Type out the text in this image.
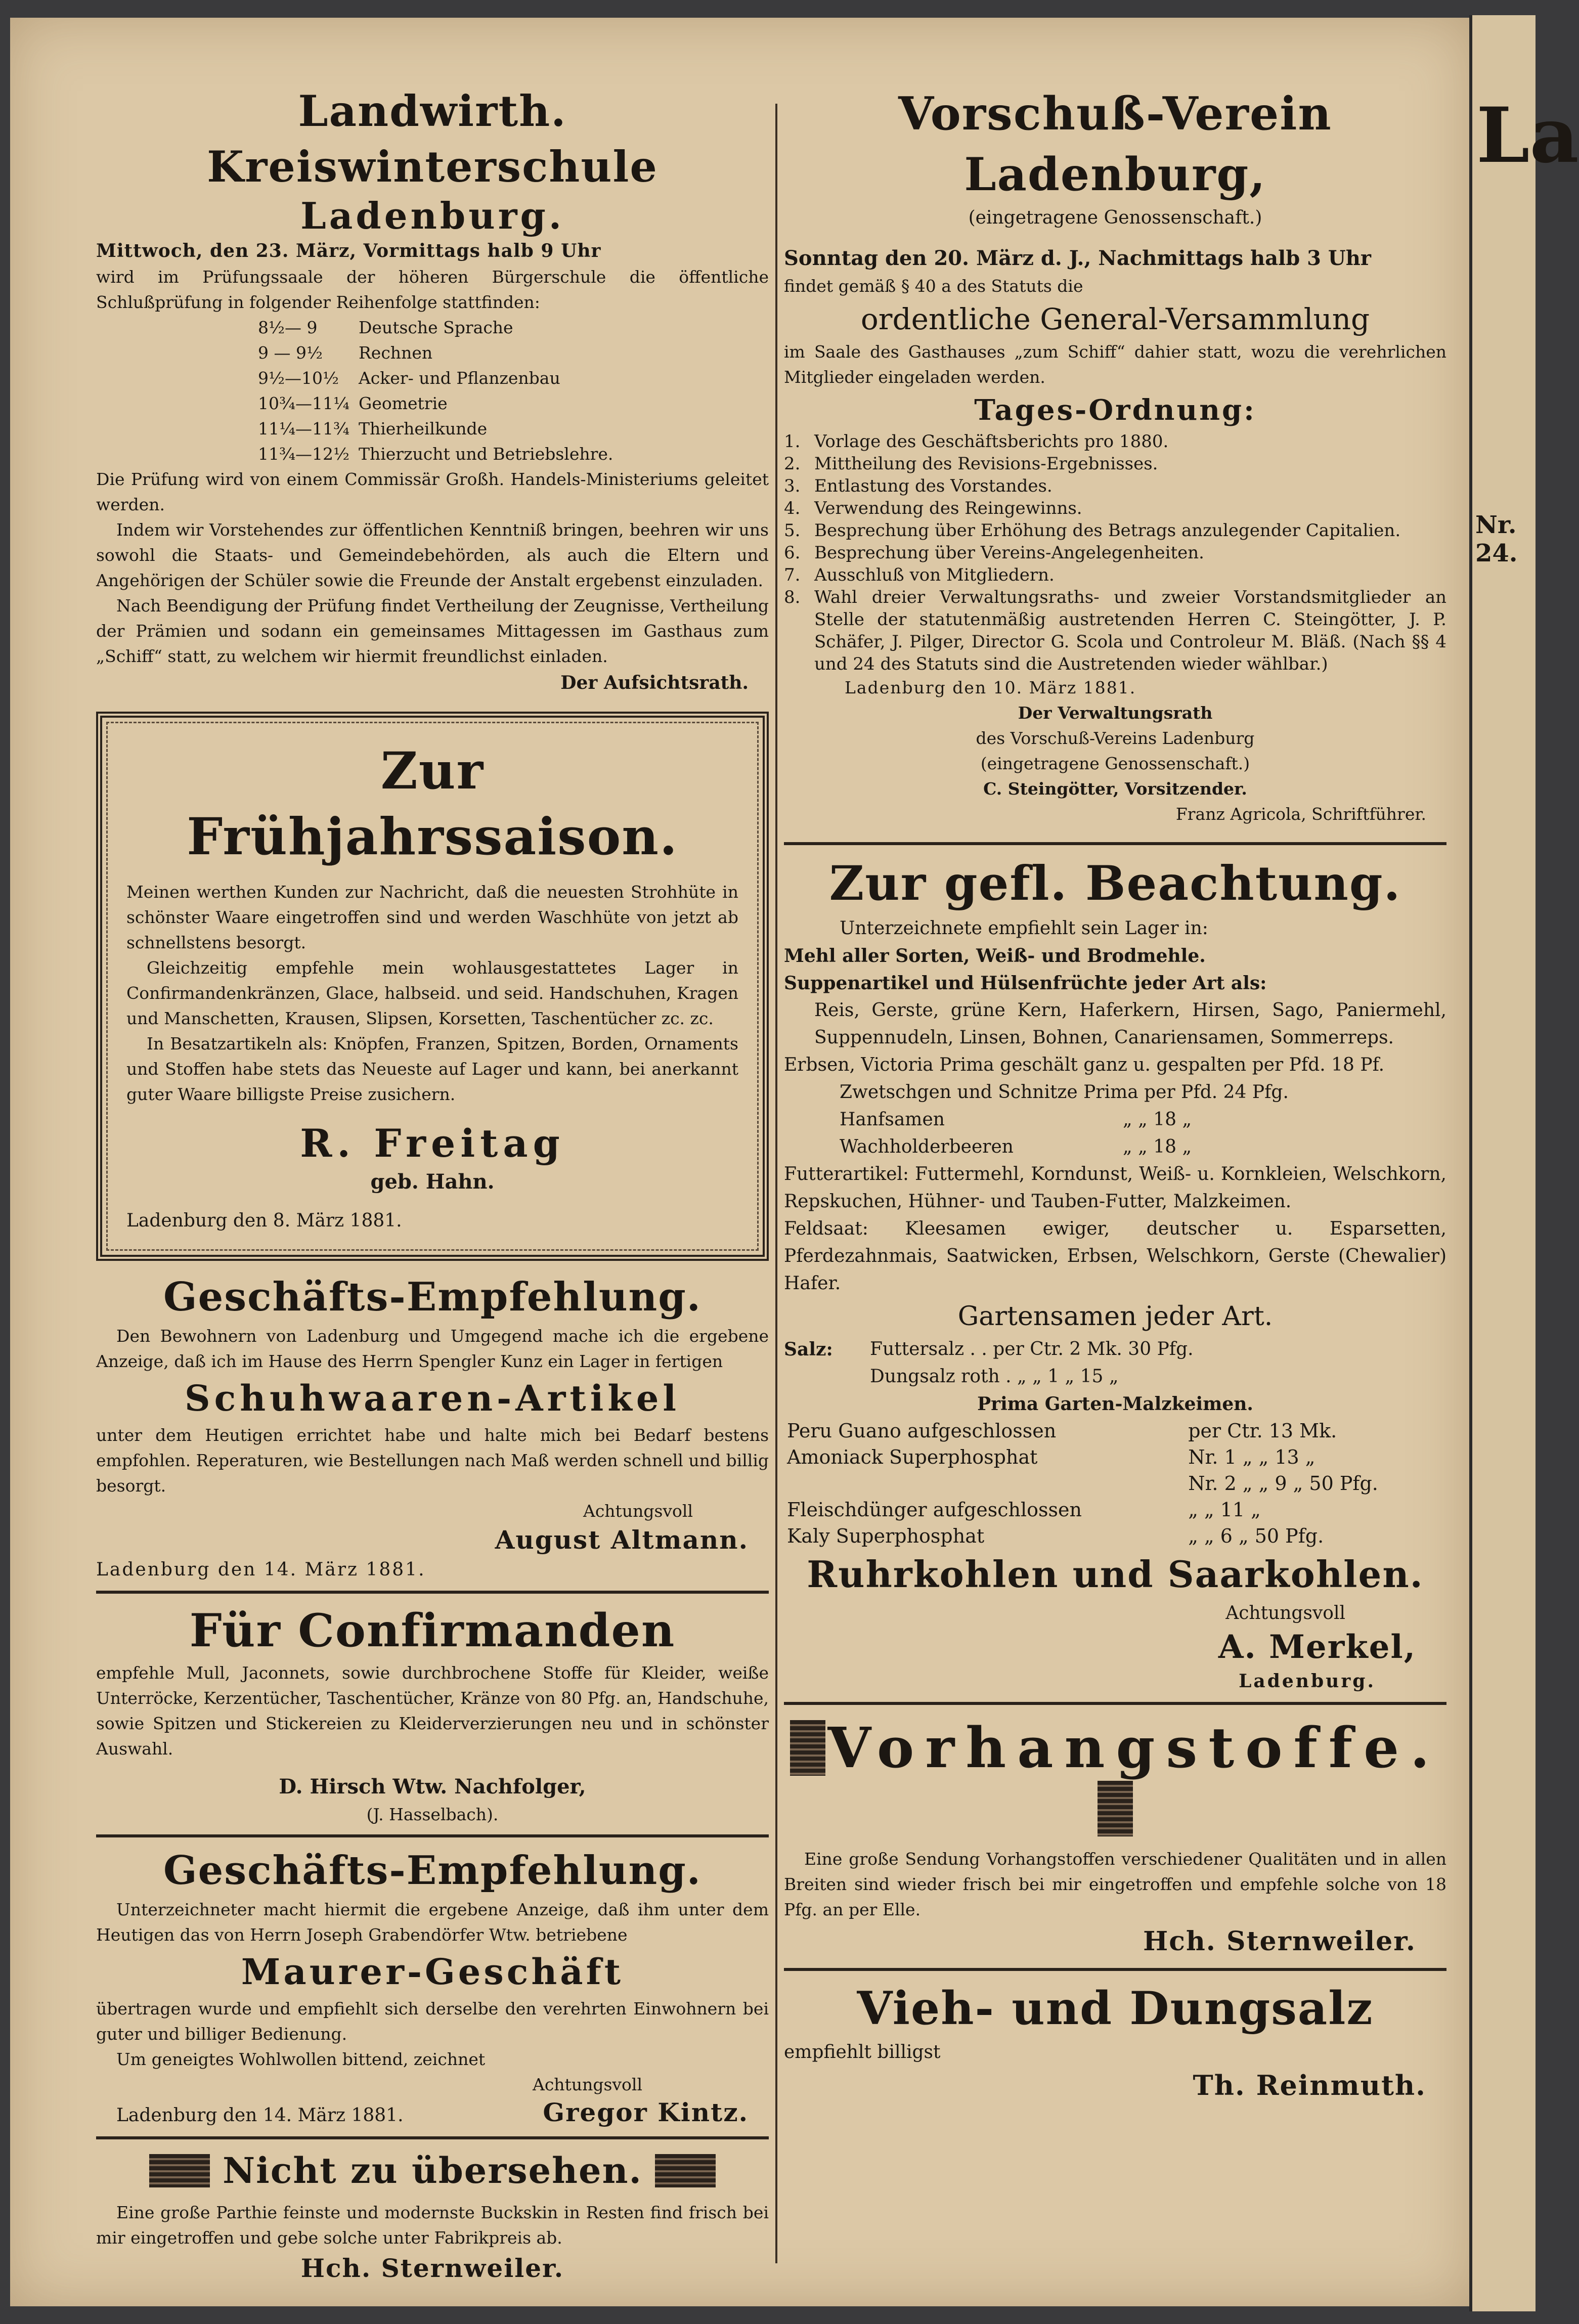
Landwirth. Kreiswinterschule
Ladenburg.

Mittwoch, den 23. März, Vormittags halb 9 Uhr

wird im Prüfungssaale der höheren Bürgerschule die öffentliche Schlußprüfung in folgender Reihenfolge stattfinden:

8½— 9	Deutsche Sprache
9 — 9½	Rechnen
9½—10½	Acker- und Pflanzenbau
10¾—11¼	Geometrie
11¼—11¾	Thierheilkunde
11¾—12½	Thierzucht und Betriebslehre.

Die Prüfung wird von einem Commissär Großh. Handels-Ministeriums geleitet werden.

Indem wir Vorstehendes zur öffentlichen Kenntniß bringen, beehren wir uns sowohl die Staats- und Gemeindebehörden, als auch die Eltern und Angehörigen der Schüler sowie die Freunde der Anstalt ergebenst einzuladen.

Nach Beendigung der Prüfung findet Vertheilung der Zeugnisse, Vertheilung der Prämien und sodann ein gemeinsames Mittagessen im Gasthaus zum „Schiff“ statt, zu welchem wir hiermit freundlichst einladen.

Der Aufsichtsrath.

Zur Frühjahrssaison.

Meinen werthen Kunden zur Nachricht, daß die neuesten Strohhüte in schönster Waare eingetroffen sind und werden Waschhüte von jetzt ab schnellstens besorgt.

Gleichzeitig empfehle mein wohlausgestattetes Lager in Confirmandenkränzen, Glace, halbseid. und seid. Handschuhen, Kragen und Manschetten, Krausen, Slipsen, Korsetten, Taschentücher zc. zc.

In Besatzartikeln als: Knöpfen, Franzen, Spitzen, Borden, Ornaments und Stoffen habe stets das Neueste auf Lager und kann, bei anerkannt guter Waare billigste Preise zusichern.

R. Freitag
geb. Hahn.

Ladenburg den 8. März 1881.

Geschäfts-Empfehlung.

Den Bewohnern von Ladenburg und Umgegend mache ich die ergebene Anzeige, daß ich im Hause des Herrn Spengler Kunz ein Lager in fertigen

Schuhwaaren-Artikel

unter dem Heutigen errichtet habe und halte mich bei Bedarf bestens empfohlen. Reperaturen, wie Bestellungen nach Maß werden schnell und billig besorgt.

Achtungsvoll

August Altmann.

Ladenburg den 14. März 1881.

Für Confirmanden

empfehle Mull, Jaconnets, sowie durchbrochene Stoffe für Kleider, weiße Unterröcke, Kerzentücher, Taschentücher, Kränze von 80 Pfg. an, Handschuhe, sowie Spitzen und Stickereien zu Kleiderverzierungen neu und in schönster Auswahl.

D. Hirsch Wtw. Nachfolger,

(J. Hasselbach).

Geschäfts-Empfehlung.

Unterzeichneter macht hiermit die ergebene Anzeige, daß ihm unter dem Heutigen das von Herrn Joseph Grabendörfer Wtw. betriebene

Maurer-Geschäft

übertragen wurde und empfiehlt sich derselbe den verehrten Einwohnern bei guter und billiger Bedienung.

Um geneigtes Wohlwollen bittend, zeichnet

Achtungsvoll

Ladenburg den 14. März 1881.	Gregor Kintz.
Nicht zu übersehen.

Eine große Parthie feinste und modernste Buckskin in Resten find frisch bei mir eingetroffen und gebe solche unter Fabrikpreis ab.

Hch. Sternweiler.

Vorschuß-Verein Ladenburg,
(eingetragene Genossenschaft.)

Sonntag den 20. März d. J., Nachmittags halb 3 Uhr

findet gemäß § 40 a des Statuts die

ordentliche General-Versammlung

im Saale des Gasthauses „zum Schiff“ dahier statt, wozu die verehrlichen Mitglieder eingeladen werden.

Tages-Ordnung:
1. Vorlage des Geschäftsberichts pro 1880.
2. Mittheilung des Revisions-Ergebnisses.
3. Entlastung des Vorstandes.
4. Verwendung des Reingewinns.
5. Besprechung über Erhöhung des Betrags anzulegender Capitalien.
6. Besprechung über Vereins-Angelegenheiten.
7. Ausschluß von Mitgliedern.
8. Wahl dreier Verwaltungsraths- und zweier Vorstandsmitglieder an Stelle der statutenmäßig austretenden Herren C. Steingötter, J. P. Schäfer, J. Pilger, Director G. Scola und Controleur M. Bläß. (Nach §§ 4 und 24 des Statuts sind die Austretenden wieder wählbar.)

Ladenburg den 10. März 1881.

Der Verwaltungsrath

des Vorschuß-Vereins Ladenburg

(eingetragene Genossenschaft.)

C. Steingötter, Vorsitzender.

Franz Agricola, Schriftführer.

Zur gefl. Beachtung.

Unterzeichnete empfiehlt sein Lager in:

Mehl aller Sorten, Weiß- und Brodmehle.

Suppenartikel und Hülsenfrüchte jeder Art als:

Reis, Gerste, grüne Kern, Haferkern, Hirsen, Sago, Paniermehl, Suppennudeln, Linsen, Bohnen, Canariensamen, Sommerreps.

Erbsen, Victoria Prima geschält ganz u. gespalten per Pfd. 18 Pf.

Zwetschgen und Schnitze Prima per Pfd. 24 Pfg.

Hanfsamen	„ „ 18 „
Wachholderbeeren	„ „ 18 „

Futterartikel: Futtermehl, Korndunst, Weiß- u. Kornkleien, Welschkorn, Repskuchen, Hühner- und Tauben-Futter, Malzkeimen.

Feldsaat: Kleesamen ewiger, deutscher u. Esparsetten, Pferdezahnmais, Saatwicken, Erbsen, Welschkorn, Gerste (Chewalier) Hafer.

Gartensamen jeder Art.
Salz:	Futtersalz . . per Ctr. 2 Mk. 30 Pfg.

Dungsalz roth . „ „ 1 „ 15 „

Prima Garten-Malzkeimen.

Peru Guano aufgeschlossen	per Ctr. 13 Mk.
Amoniack Superphosphat	Nr. 1 „ „ 13 „
	Nr. 2 „ „ 9 „ 50 Pfg.
Fleischdünger aufgeschlossen	„ „ 11 „
Kaly Superphosphat	„ „ 6 „ 50 Pfg.
Ruhrkohlen und Saarkohlen.

Achtungsvoll

A. Merkel,

Ladenburg.

Vorhangstoffe.

Eine große Sendung Vorhangstoffen verschiedener Qualitäten und in allen Breiten sind wieder frisch bei mir eingetroffen und empfehle solche von 18 Pfg. an per Elle.

Hch. Sternweiler.

Vieh- und Dungsalz

empfiehlt billigst

Th. Reinmuth.

La
Nr. 24.
